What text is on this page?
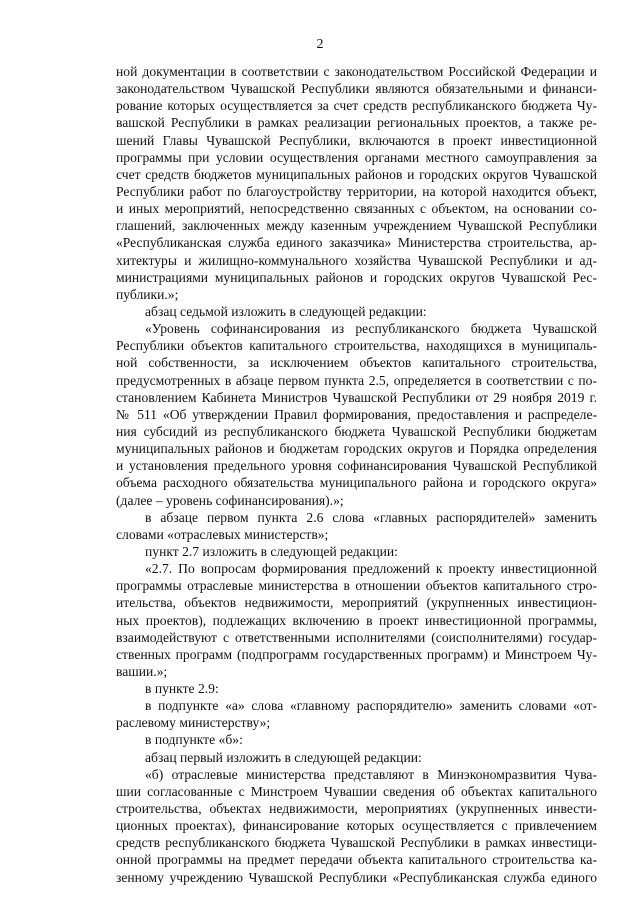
2
ной документации в соответствии с законодательством Российской Федерации и
законодательством Чувашской Республики являются обязательными и финанси-
рование которых осуществляется за счет средств республиканского бюджета Чу-
вашской Республики в рамках реализации региональных проектов, а также ре-
шений Главы Чувашской Республики, включаются в проект инвестиционной
программы при условии осуществления органами местного самоуправления за
счет средств бюджетов муниципальных районов и городских округов Чувашской
Республики работ по благоустройству территории, на которой находится объект,
и иных мероприятий, непосредственно связанных с объектом, на основании со-
глашений, заключенных между казенным учреждением Чувашской Республики
«Республиканская служба единого заказчика» Министерства строительства, ар-
хитектуры и жилищно-коммунального хозяйства Чувашской Республики и ад-
министрациями муниципальных районов и городских округов Чувашской Рес-
публики.»;
абзац седьмой изложить в следующей редакции:
«Уровень софинансирования из республиканского бюджета Чувашской
Республики объектов капитального строительства, находящихся в муниципаль-
ной собственности, за исключением объектов капитального строительства,
предусмотренных в абзаце первом пункта 2.5, определяется в соответствии с по-
становлением Кабинета Министров Чувашской Республики от 29 ноября 2019 г.
№ 511 «Об утверждении Правил формирования, предоставления и распределе-
ния субсидий из республиканского бюджета Чувашской Республики бюджетам
муниципальных районов и бюджетам городских округов и Порядка определения
и установления предельного уровня софинансирования Чувашской Республикой
объема расходного обязательства муниципального района и городского округа»
(далее – уровень софинансирования).»;
в абзаце первом пункта 2.6 слова «главных распорядителей» заменить
словами «отраслевых министерств»;
пункт 2.7 изложить в следующей редакции:
«2.7. По вопросам формирования предложений к проекту инвестиционной
программы отраслевые министерства в отношении объектов капитального стро-
ительства, объектов недвижимости, мероприятий (укрупненных инвестицион-
ных проектов), подлежащих включению в проект инвестиционной программы,
взаимодействуют с ответственными исполнителями (соисполнителями) государ-
ственных программ (подпрограмм государственных программ) и Минстроем Чу-
вашии.»;
в пункте 2.9:
в подпункте «а» слова «главному распорядителю» заменить словами «от-
раслевому министерству»;
в подпункте «б»:
абзац первый изложить в следующей редакции:
«б) отраслевые министерства представляют в Минэкономразвития Чува-
шии согласованные с Минстроем Чувашии сведения об объектах капитального
строительства, объектах недвижимости, мероприятиях (укрупненных инвести-
ционных проектах), финансирование которых осуществляется с привлечением
средств республиканского бюджета Чувашской Республики в рамках инвестици-
онной программы на предмет передачи объекта капитального строительства ка-
зенному учреждению Чувашской Республики «Республиканская служба единого
